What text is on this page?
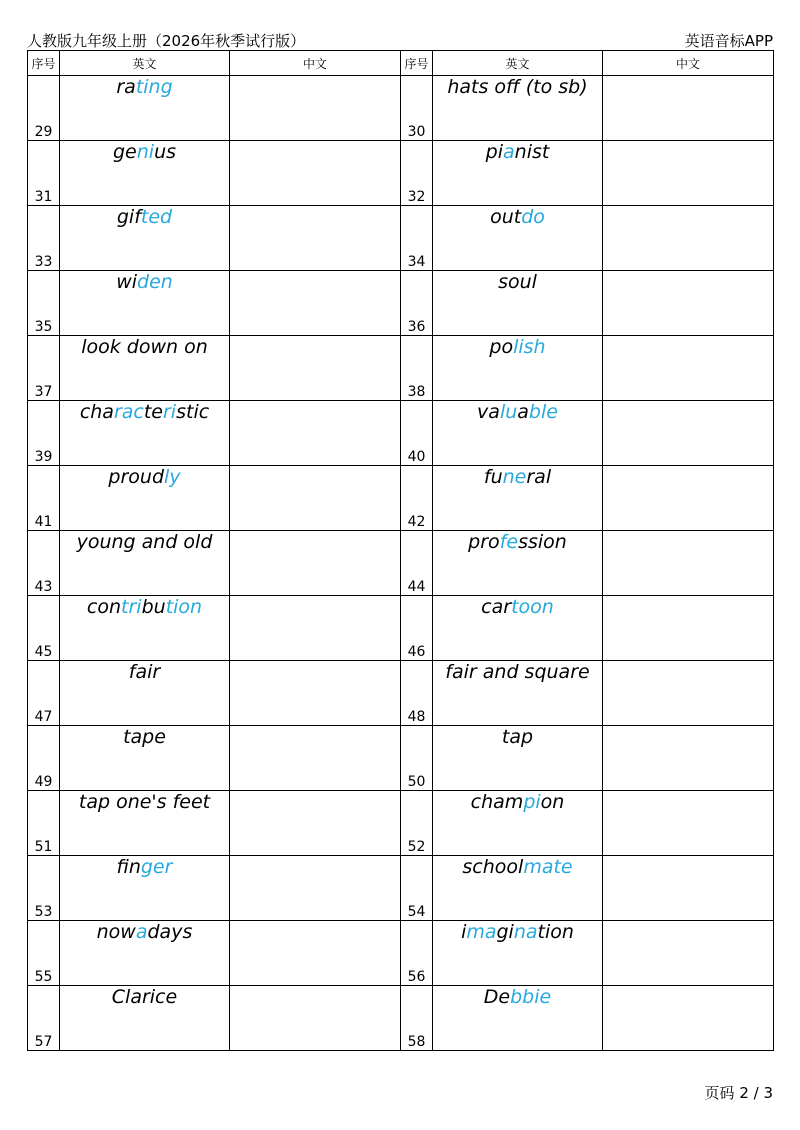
人教版九年级上册（2026年秋季试行版）	英语音标APP
序号	英文	中文	序号	英文	中文
29	rating		30	hats off (to sb)	
31	genius		32	pianist	
33	gifted		34	outdo	
35	widen		36	soul	
37	look down on		38	polish	
39	characteristic		40	valuable	
41	proudly		42	funeral	
43	young and old		44	profession	
45	contribution		46	cartoon	
47	fair		48	fair and square	
49	tape		50	tap	
51	tap one's feet		52	champion	
53	finger		54	schoolmate	
55	nowadays		56	imagination	
57	Clarice		58	Debbie	
页码 2 / 3
